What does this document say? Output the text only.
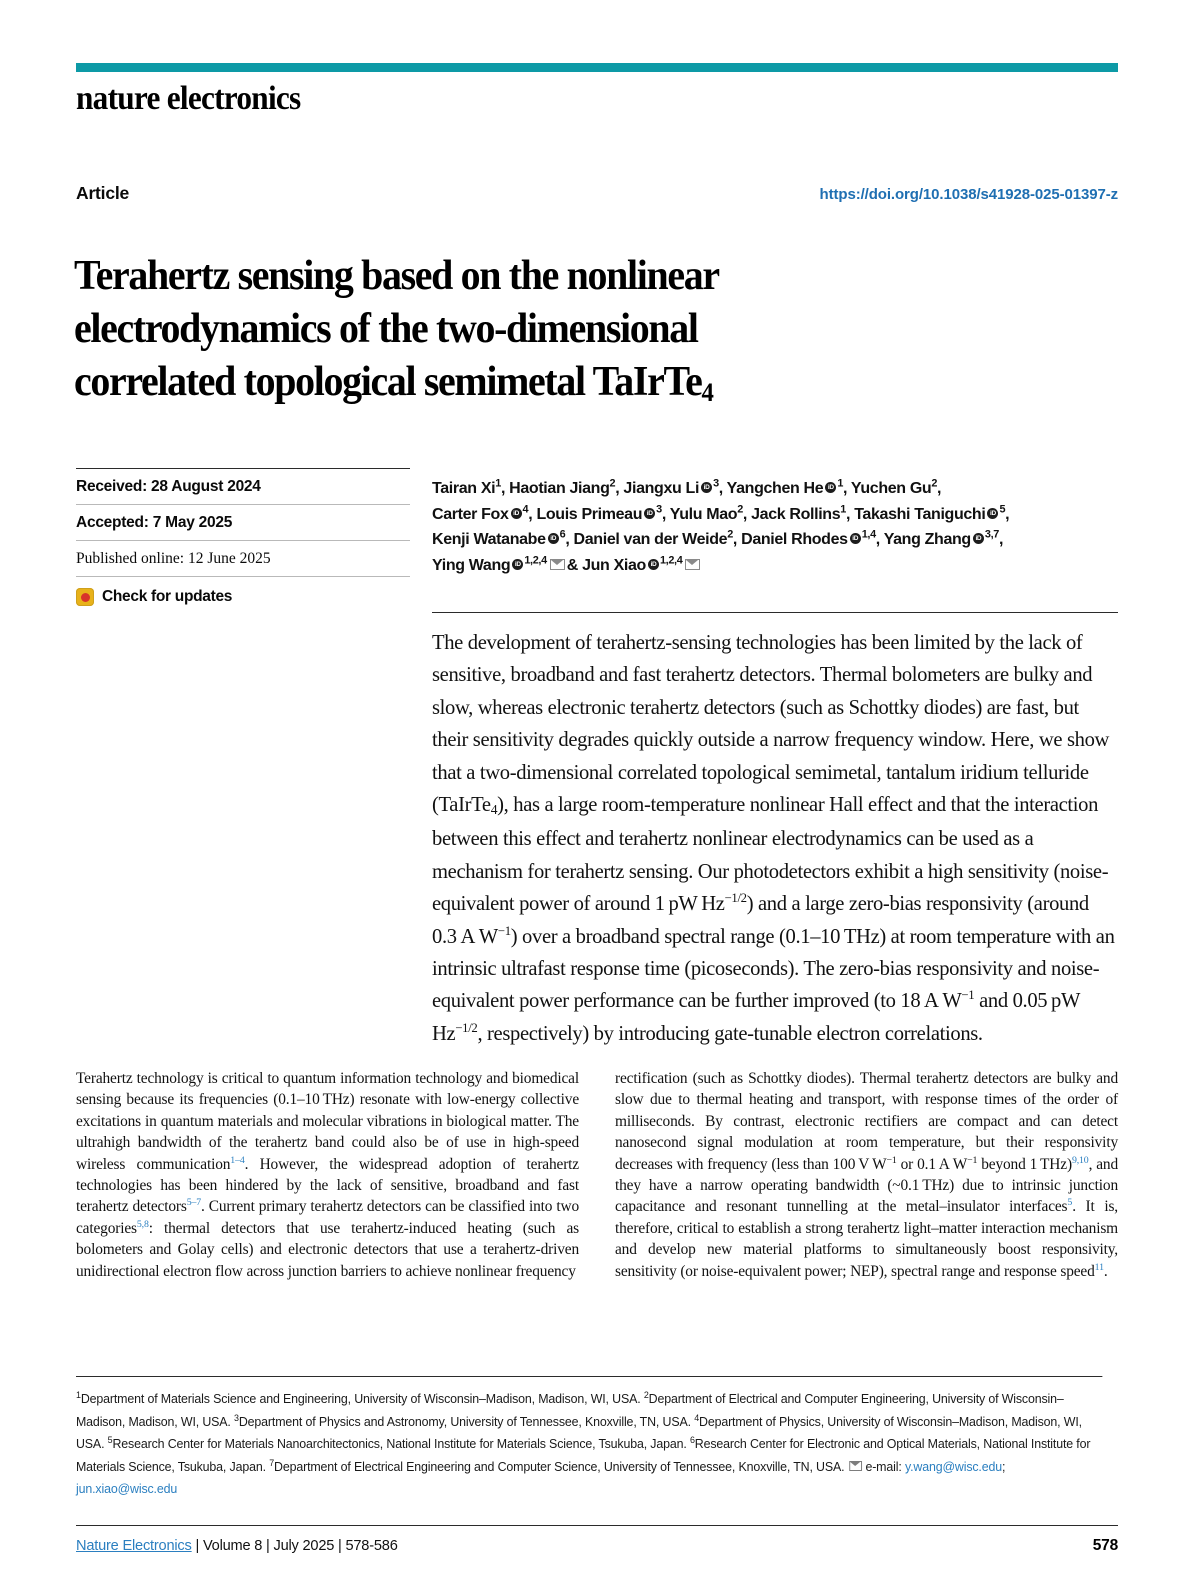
nature electronics
Article	https://doi.org/10.1038/s41928-025-01397-z
Terahertz sensing based on the nonlinear
electrodynamics of the two-dimensional
correlated topological semimetal TaIrTe$_4$
Received: 28 August 2024
Accepted: 7 May 2025
Published online: 12 June 2025
Check for updates
Tairan Xi$^1$, Haotian Jiang$^2$, Jiangxu Li iD $^3$, Yangchen He iD $^1$, Yuchen Gu$^2$,
Carter Fox iD $^4$, Louis Primeau iD $^3$, Yulu Mao$^2$, Jack Rollins$^1$, Takashi Taniguchi iD $^5$,
Kenji Watanabe iD $^6$, Daniel van der Weide$^2$, Daniel Rhodes iD $^{1,4}$, Yang Zhang iD $^{3,7}$,
Ying Wang iD $^{1,2,4}$ & Jun Xiao iD $^{1,2,4}$
The development of terahertz-sensing technologies has been limited by the lack of sensitive, broadband and fast terahertz detectors. Thermal bolometers are bulky and slow, whereas electronic terahertz detectors (such as Schottky diodes) are fast, but their sensitivity degrades quickly outside a narrow frequency window. Here, we show that a two-dimensional correlated topological semimetal, tantalum iridium telluride (TaIrTe$_4$), has a large room-temperature nonlinear Hall effect and that the interaction between this effect and terahertz nonlinear electrodynamics can be used as a mechanism for terahertz sensing. Our photodetectors exhibit a high sensitivity (noise-equivalent power of around 1 pW $Hz^{-1/2}$) and a large zero-bias responsivity (around 0.3 A $W^{-1}$) over a broadband spectral range (0.1–10 THz) at room temperature with an intrinsic ultrafast response time (picoseconds). The zero-bias responsivity and noise-equivalent power performance can be further improved (to 18 A $W^{-1}$ and 0.05 pW $Hz^{-1/2}$, respectively) by introducing gate-tunable electron correlations.
Terahertz technology is critical to quantum information technology and biomedical sensing because its frequencies (0.1–10 THz) resonate with low-energy collective excitations in quantum materials and molecular vibrations in biological matter. The ultrahigh bandwidth of the terahertz band could also be of use in high-speed wireless communication$^{1-4}$. However, the widespread adoption of terahertz technologies has been hindered by the lack of sensitive, broadband and fast terahertz detectors$^{5-7}$. Current primary terahertz detectors can be classified into two categories$^{5,8}$: thermal detectors that use terahertz-induced heating (such as bolometers and Golay cells) and electronic detectors that use a terahertz-driven unidirectional electron flow across junction barriers to achieve nonlinear frequency
rectification (such as Schottky diodes). Thermal terahertz detectors are bulky and slow due to thermal heating and transport, with response times of the order of milliseconds. By contrast, electronic rectifiers are compact and can detect nanosecond signal modulation at room temperature, but their responsivity decreases with frequency (less than 100 V $W^{-1}$ or 0.1 A $W^{-1}$ beyond 1 THz)$^{9,10}$, and they have a narrow operating bandwidth (~0.1 THz) due to intrinsic junction capacitance and resonant tunnelling at the metal–insulator interfaces$^5$. It is, therefore, critical to establish a strong terahertz light–matter interaction mechanism and develop new material platforms to simultaneously boost responsivity, sensitivity (or noise-equivalent power; NEP), spectral range and response speed$^{11}$.
$^1$Department of Materials Science and Engineering, University of Wisconsin–Madison, Madison, WI, USA. $^2$Department of Electrical and Computer Engineering, University of Wisconsin–Madison, Madison, WI, USA. $^3$Department of Physics and Astronomy, University of Tennessee, Knoxville, TN, USA. $^4$Department of Physics, University of Wisconsin–Madison, Madison, WI, USA. $^5$Research Center for Materials Nanoarchitectonics, National Institute for Materials Science, Tsukuba, Japan. $^6$Research Center for Electronic and Optical Materials, National Institute for Materials Science, Tsukuba, Japan. $^7$Department of Electrical Engineering and Computer Science, University of Tennessee, Knoxville, TN, USA. e-mail: y.wang@wisc.edu; jun.xiao@wisc.edu
Nature Electronics | Volume 8 | July 2025 | 578-586	578
